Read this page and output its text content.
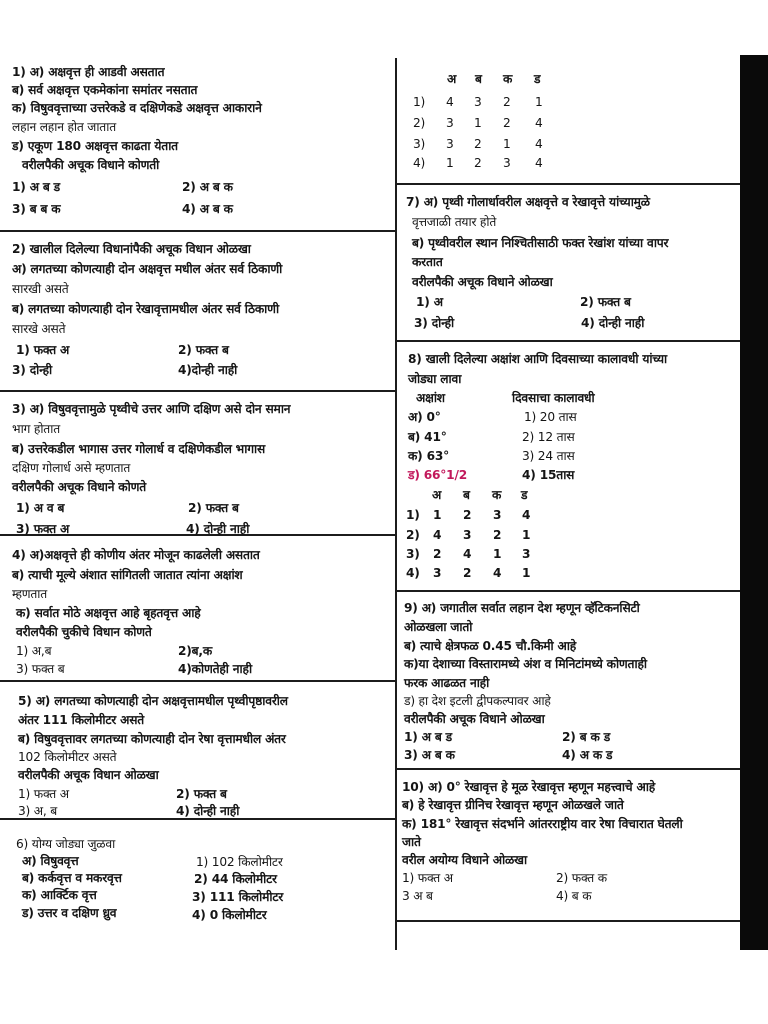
1) अ) अक्षवृत्त ही आडवी असतात
ब) सर्व अक्षवृत्त एकमेकांना समांतर नसतात
क) विषुववृत्ताच्या उत्तरेकडे व दक्षिणेकडे अक्षवृत्त आकाराने
लहान लहान होत जातात
ड) एकूण 180 अक्षवृत्त काढता येतात
वरीलपैकी अचूक विधाने कोणती
1) अ ब ड	2) अ ब क
3) ब ब क	4) अ ब क
2) खालील दिलेल्या विधानांपैकी अचूक विधान ओळखा
अ) लगतच्या कोणत्याही दोन अक्षवृत्त मधील अंतर सर्व ठिकाणी
सारखी असते
ब) लगतच्या कोणत्याही दोन रेखावृत्तामधील अंतर सर्व ठिकाणी
सारखे असते
1) फक्त अ	2) फक्त ब
3) दोन्ही	4)दोन्ही नाही
3) अ) विषुववृत्तामुळे पृथ्वीचे उत्तर आणि दक्षिण असे दोन समान
भाग होतात
ब) उत्तरेकडील भागास उत्तर गोलार्ध व दक्षिणेकडील भागास
दक्षिण गोलार्ध असे म्हणतात
वरीलपैकी अचूक विधाने कोणते
1) अ व ब	2) फक्त ब
3) फक्त अ	4) दोन्ही नाही
4) अ)अक्षवृत्ते ही कोणीय अंतर मोजून काढलेली असतात
ब) त्याची मूल्ये अंशात सांगितली जातात त्यांना अक्षांश
म्हणतात
क) सर्वात मोठे अक्षवृत्त आहे बृहतवृत्त आहे
वरीलपैकी चुकीचे विधान कोणते
1) अ,ब	2)ब,क
3) फक्त ब	4)कोणतेही नाही
5) अ) लगतच्या कोणत्याही दोन अक्षवृत्तामधील पृथ्वीपृष्ठावरील
अंतर 111 किलोमीटर असते
ब) विषुववृत्तावर लगतच्या कोणत्याही दोन रेषा वृत्तामधील अंतर
102 किलोमीटर असते
वरीलपैकी अचूक विधान ओळखा
1) फक्त अ	2) फक्त ब
3) अ, ब	4) दोन्ही नाही
6) योग्य जोड्या जुळवा
अ) विषुववृत्त	1) 102 किलोमीटर
ब) कर्कवृत्त व मकरवृत्त	2) 44 किलोमीटर
क) आर्क्टिक वृत्त	3) 111 किलोमीटर
ड) उत्तर व दक्षिण ध्रुव	4) 0 किलोमीटर
अ ब क ड
1) 4 3 2 1
2) 3 1 2 4
3) 3 2 1 4
4) 1 2 3 4
7) अ) पृथ्वी गोलार्धावरील अक्षवृत्ते व रेखावृत्ते यांच्यामुळे
वृत्तजाळी तयार होते
ब) पृथ्वीवरील स्थान निश्चितीसाठी फक्त रेखांश यांच्या वापर
करतात
वरीलपैकी अचूक विधाने ओळखा
1) अ	2) फक्त ब
3) दोन्ही	4) दोन्ही नाही
8) खाली दिलेल्या अक्षांश आणि दिवसाच्या कालावधी यांच्या
जोड्या लावा
अक्षांश	दिवसाचा कालावधी
अ) 0°	1) 20 तास
ब) 41°	2) 12 तास
क) 63°	3) 24 तास
ड) 66°1/2	4) 15तास
अ ब क ड
1) 1 2 3 4
2) 4 3 2 1
3) 2 4 1 3
4) 3 2 4 1
9) अ) जगातील सर्वात लहान देश म्हणून व्हॅटिकनसिटी
ओळखला जातो
ब) त्याचे क्षेत्रफळ 0.45 चौ.किमी आहे
क)या देशाच्या विस्तारामध्ये अंश व मिनिटांमध्ये कोणताही
फरक आढळत नाही
ड) हा देश इटली द्वीपकल्पावर आहे
वरीलपैकी अचूक विधाने ओळखा
1) अ ब ड	2) ब क ड
3) अ ब क	4) अ क ड
10) अ) 0° रेखावृत्त हे मूळ रेखावृत्त म्हणून महत्त्वाचे आहे
ब) हे रेखावृत्त ग्रीनिच रेखावृत्त म्हणून ओळखले जाते
क) 181° रेखावृत्त संदर्भाने आंतरराष्ट्रीय वार रेषा विचारात घेतली
जाते
वरील अयोग्य विधाने ओळखा
1) फक्त अ	2) फक्त क
3 अ ब	4) ब क
